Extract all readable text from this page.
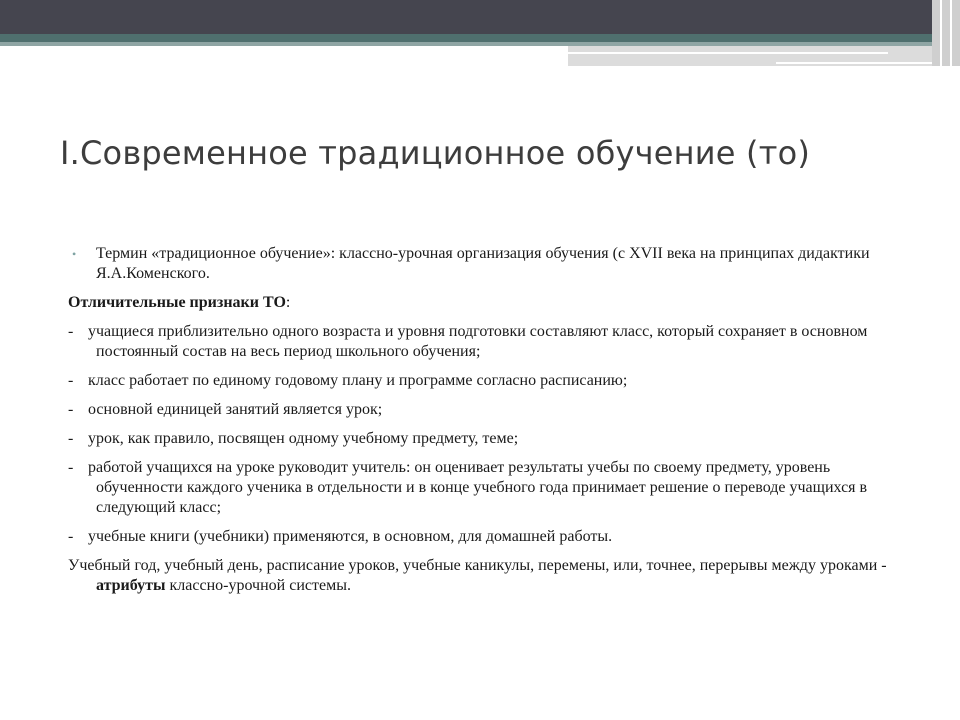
I.Современное традиционное обучение (то)

• Термин «традиционное обучение»: классно-урочная организация обучения (с XVII века на принципах дидактики Я.А.Коменского.

Отличительные признаки ТО:

- учащиеся приблизительно одного возраста и уровня подготовки составляют класс, который сохраняет в основном постоянный состав на весь период школьного обучения;

- класс работает по единому годовому плану и программе согласно расписанию;

- основной единицей занятий является урок;

- урок, как правило, посвящен одному учебному предмету, теме;

- работой учащихся на уроке руководит учитель: он оценивает результаты учебы по своему предмету, уровень обученности каждого ученика в отдельности и в конце учебного года принимает решение о переводе учащихся в следующий класс;

- учебные книги (учебники) применяются, в основном, для домашней работы.

Учебный год, учебный день, расписание уроков, учебные каникулы, перемены, или, точнее, перерывы между уроками - атрибуты классно-урочной системы.
